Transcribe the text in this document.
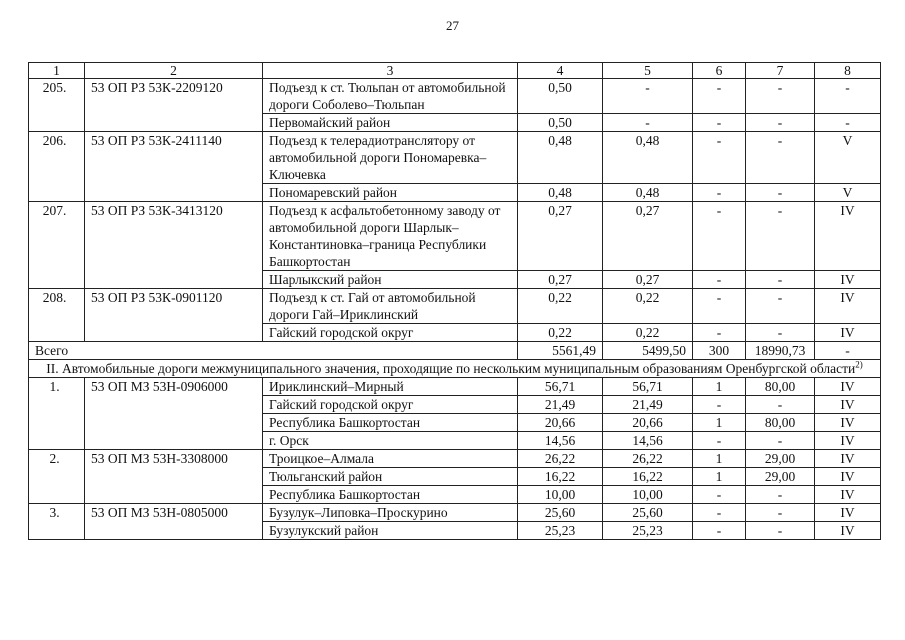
27
1	2	3	4	5	6	7	8
205.	53 ОП РЗ 53К-2209120	Подъезд к ст. Тюльпан от автомобильной дороги Соболево–Тюльпан	0,50	-	-	-	-
		Первомайский район	0,50	-	-	-	-
206.	53 ОП РЗ 53К-2411140	Подъезд к телерадиотранслятору от автомобильной дороги Пономаревка–Ключевка	0,48	0,48	-	-	V
		Пономаревский район	0,48	0,48	-	-	V
207.	53 ОП РЗ 53К-3413120	Подъезд к асфальтобетонному заводу от автомобильной дороги Шарлык–Константиновка–граница Республики Башкортостан	0,27	0,27	-	-	IV
		Шарлыкский район	0,27	0,27	-	-	IV
208.	53 ОП РЗ 53К-0901120	Подъезд к ст. Гай от автомобильной дороги Гай–Ириклинский	0,22	0,22	-	-	IV
		Гайский городской округ	0,22	0,22	-	-	IV
Всего			5561,49	5499,50	300	18990,73	-
II. Автомобильные дороги межмуниципального значения, проходящие по нескольким муниципальным образованиям Оренбургской области$^{2)}$
1.	53 ОП МЗ 53Н-0906000	Ириклинский–Мирный	56,71	56,71	1	80,00	IV
		Гайский городской округ	21,49	21,49	-	-	IV
		Республика Башкортостан	20,66	20,66	1	80,00	IV
		г. Орск	14,56	14,56	-	-	IV
2.	53 ОП МЗ 53Н-3308000	Троицкое–Алмала	26,22	26,22	1	29,00	IV
		Тюльганский район	16,22	16,22	1	29,00	IV
		Республика Башкортостан	10,00	10,00	-	-	IV
3.	53 ОП МЗ 53Н-0805000	Бузулук–Липовка–Проскурино	25,60	25,60	-	-	IV
		Бузулукский район	25,23	25,23	-	-	IV
